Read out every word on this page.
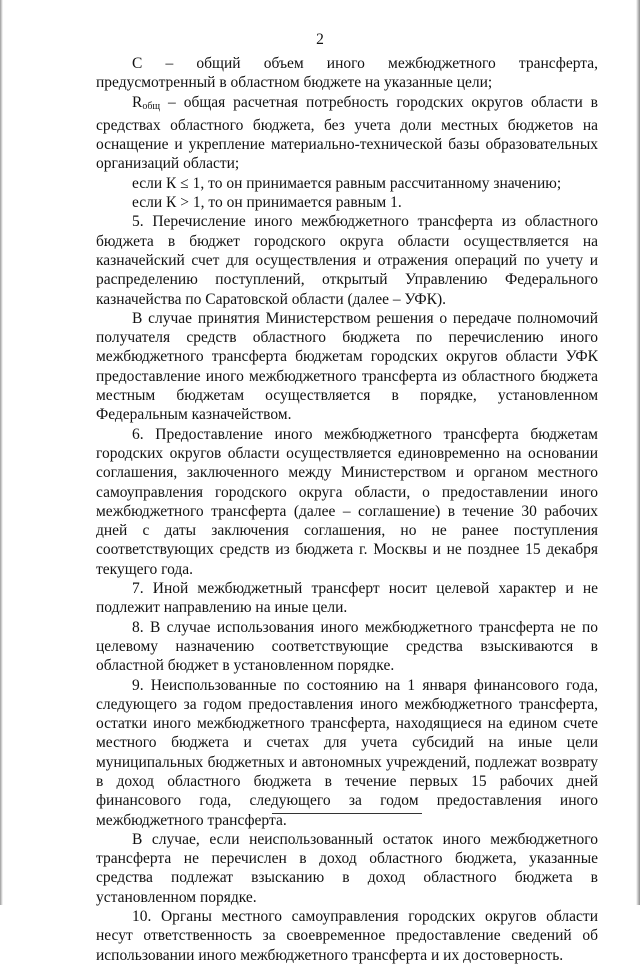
2

С – общий объем иного межбюджетного трансферта, предусмотренный в областном бюджете на указанные цели;

$R_{общ}$ – общая расчетная потребность городских округов области в средствах областного бюджета, без учета доли местных бюджетов на оснащение и укрепление материально-технической базы образовательных организаций области;

если К ≤ 1, то он принимается равным рассчитанному значению;

если К > 1, то он принимается равным 1.

5. Перечисление иного межбюджетного трансферта из областного бюджета в бюджет городского округа области осуществляется на казначейский счет для осуществления и отражения операций по учету и распределению поступлений, открытый Управлению Федерального казначейства по Саратовской области (далее – УФК).

В случае принятия Министерством решения о передаче полномочий получателя средств областного бюджета по перечислению иного межбюджетного трансферта бюджетам городских округов области УФК предоставление иного межбюджетного трансферта из областного бюджета местным бюджетам осуществляется в порядке, установленном Федеральным казначейством.

6. Предоставление иного межбюджетного трансферта бюджетам городских округов области осуществляется единовременно на основании соглашения, заключенного между Министерством и органом местного самоуправления городского округа области, о предоставлении иного межбюджетного трансферта (далее – соглашение) в течение 30 рабочих дней с даты заключения соглашения, но не ранее поступления соответствующих средств из бюджета г. Москвы и не позднее 15 декабря текущего года.

7. Иной межбюджетный трансферт носит целевой характер и не подлежит направлению на иные цели.

8. В случае использования иного межбюджетного трансферта не по целевому назначению соответствующие средства взыскиваются в областной бюджет в установленном порядке.

9. Неиспользованные по состоянию на 1 января финансового года, следующего за годом предоставления иного межбюджетного трансферта, остатки иного межбюджетного трансферта, находящиеся на едином счете местного бюджета и счетах для учета субсидий на иные цели муниципальных бюджетных и автономных учреждений, подлежат возврату в доход областного бюджета в течение первых 15 рабочих дней финансового года, следующего за годом предоставления иного межбюджетного трансферта.

В случае, если неиспользованный остаток иного межбюджетного трансферта не перечислен в доход областного бюджета, указанные средства подлежат взысканию в доход областного бюджета в установленном порядке.

10. Органы местного самоуправления городских округов области несут ответственность за своевременное предоставление сведений об использовании иного межбюджетного трансферта и их достоверность.
